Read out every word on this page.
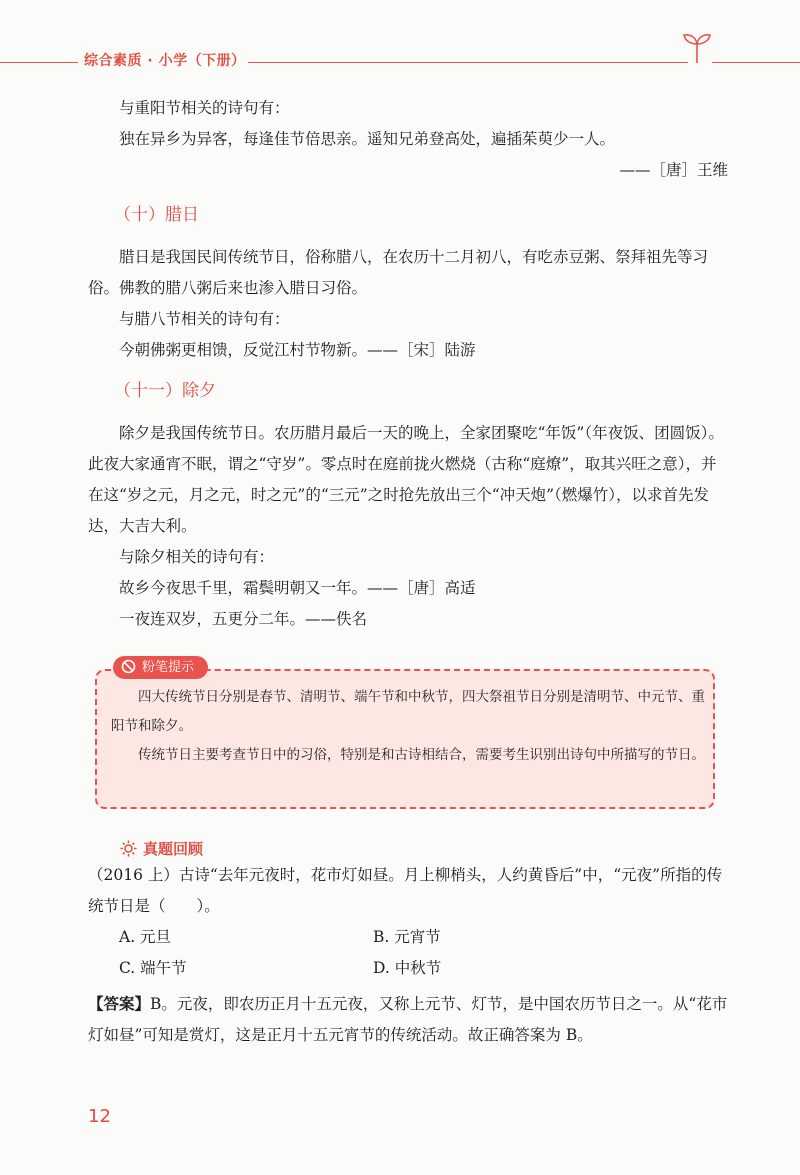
综合素质 · 小学（下册）

与重阳节相关的诗句有：

独在异乡为异客，每逢佳节倍思亲。遥知兄弟登高处，遍插茱萸少一人。

——［唐］王维

（十）腊日

腊日是我国民间传统节日，俗称腊八，在农历十二月初八，有吃赤豆粥、祭拜祖先等习俗。佛教的腊八粥后来也渗入腊日习俗。

与腊八节相关的诗句有：

今朝佛粥更相馈，反觉江村节物新。——［宋］陆游

（十一）除夕

除夕是我国传统节日。农历腊月最后一天的晚上，全家团聚吃“年饭”（年夜饭、团圆饭）。此夜大家通宵不眠，谓之“守岁”。零点时在庭前拢火燃烧（古称“庭燎”，取其兴旺之意），并在这“岁之元，月之元，时之元”的“三元”之时抢先放出三个“冲天炮”（燃爆竹），以求首先发达，大吉大利。

与除夕相关的诗句有：

故乡今夜思千里，霜鬓明朝又一年。——［唐］高适

一夜连双岁，五更分二年。——佚名

粉笔提示

四大传统节日分别是春节、清明节、端午节和中秋节，四大祭祖节日分别是清明节、中元节、重阳节和除夕。

传统节日主要考查节日中的习俗，特别是和古诗相结合，需要考生识别出诗句中所描写的节日。

真题回顾

（2016 上）古诗“去年元夜时，花市灯如昼。月上柳梢头，人约黄昏后”中，“元夜”所指的传统节日是（　　）。

A. 元旦	B. 元宵节
C. 端午节	D. 中秋节

【答案】B。元夜，即农历正月十五元夜，又称上元节、灯节，是中国农历节日之一。从“花市灯如昼”可知是赏灯，这是正月十五元宵节的传统活动。故正确答案为 B。

12
